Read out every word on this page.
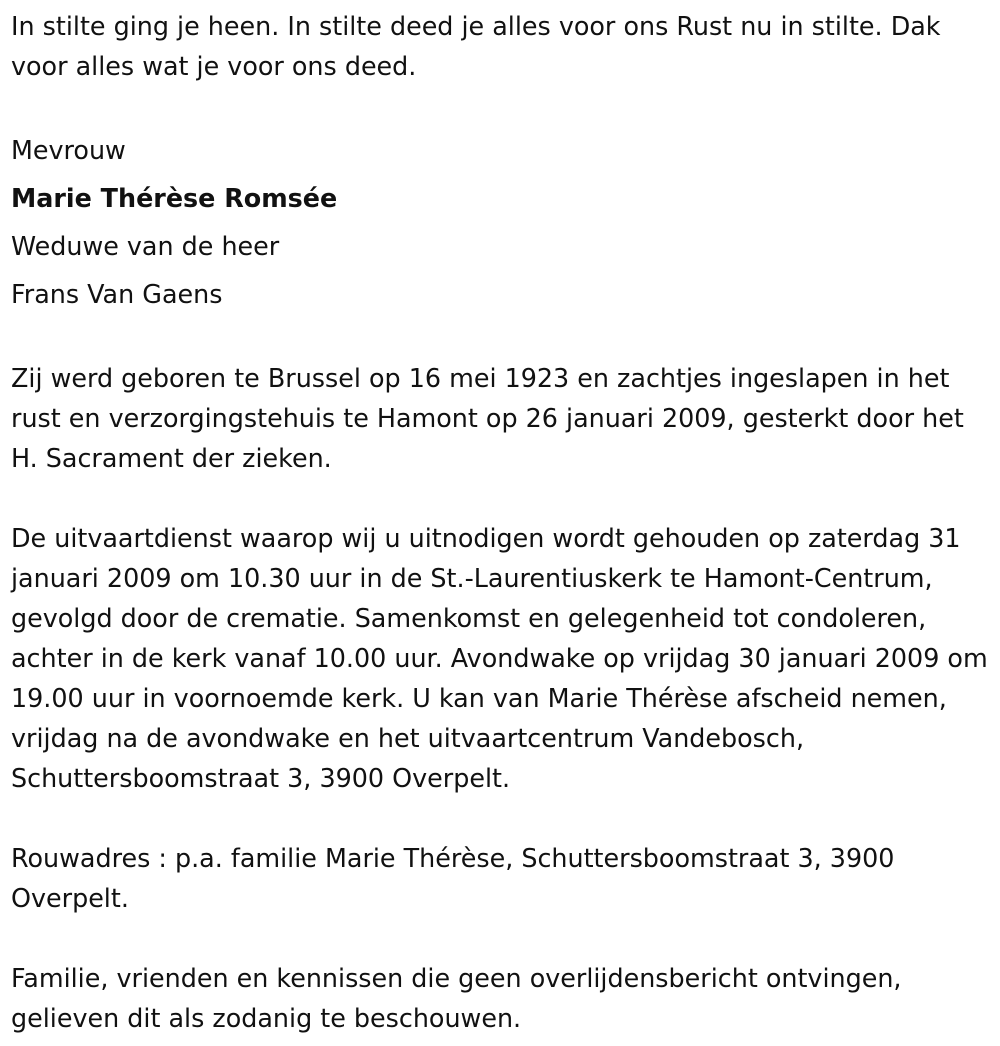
In stilte ging je heen. In stilte deed je alles voor ons Rust nu in stilte. Dak voor alles wat je voor ons deed.

Mevrouw

Marie Thérèse Romsée

Weduwe van de heer

Frans Van Gaens

Zij werd geboren te Brussel op 16 mei 1923 en zachtjes ingeslapen in het rust en verzorgingstehuis te Hamont op 26 januari 2009, gesterkt door het H. Sacrament der zieken.

De uitvaartdienst waarop wij u uitnodigen wordt gehouden op zaterdag 31 januari 2009 om 10.30 uur in de St.-Laurentiuskerk te Hamont-Centrum, gevolgd door de crematie. Samenkomst en gelegenheid tot condoleren, achter in de kerk vanaf 10.00 uur. Avondwake op vrijdag 30 januari 2009 om 19.00 uur in voornoemde kerk. U kan van Marie Thérèse afscheid nemen, vrijdag na de avondwake en het uitvaartcentrum Vandebosch, Schuttersboomstraat 3, 3900 Overpelt.

Rouwadres : p.a. familie Marie Thérèse, Schuttersboomstraat 3, 3900 Overpelt.

Familie, vrienden en kennissen die geen overlijdensbericht ontvingen, gelieven dit als zodanig te beschouwen.
